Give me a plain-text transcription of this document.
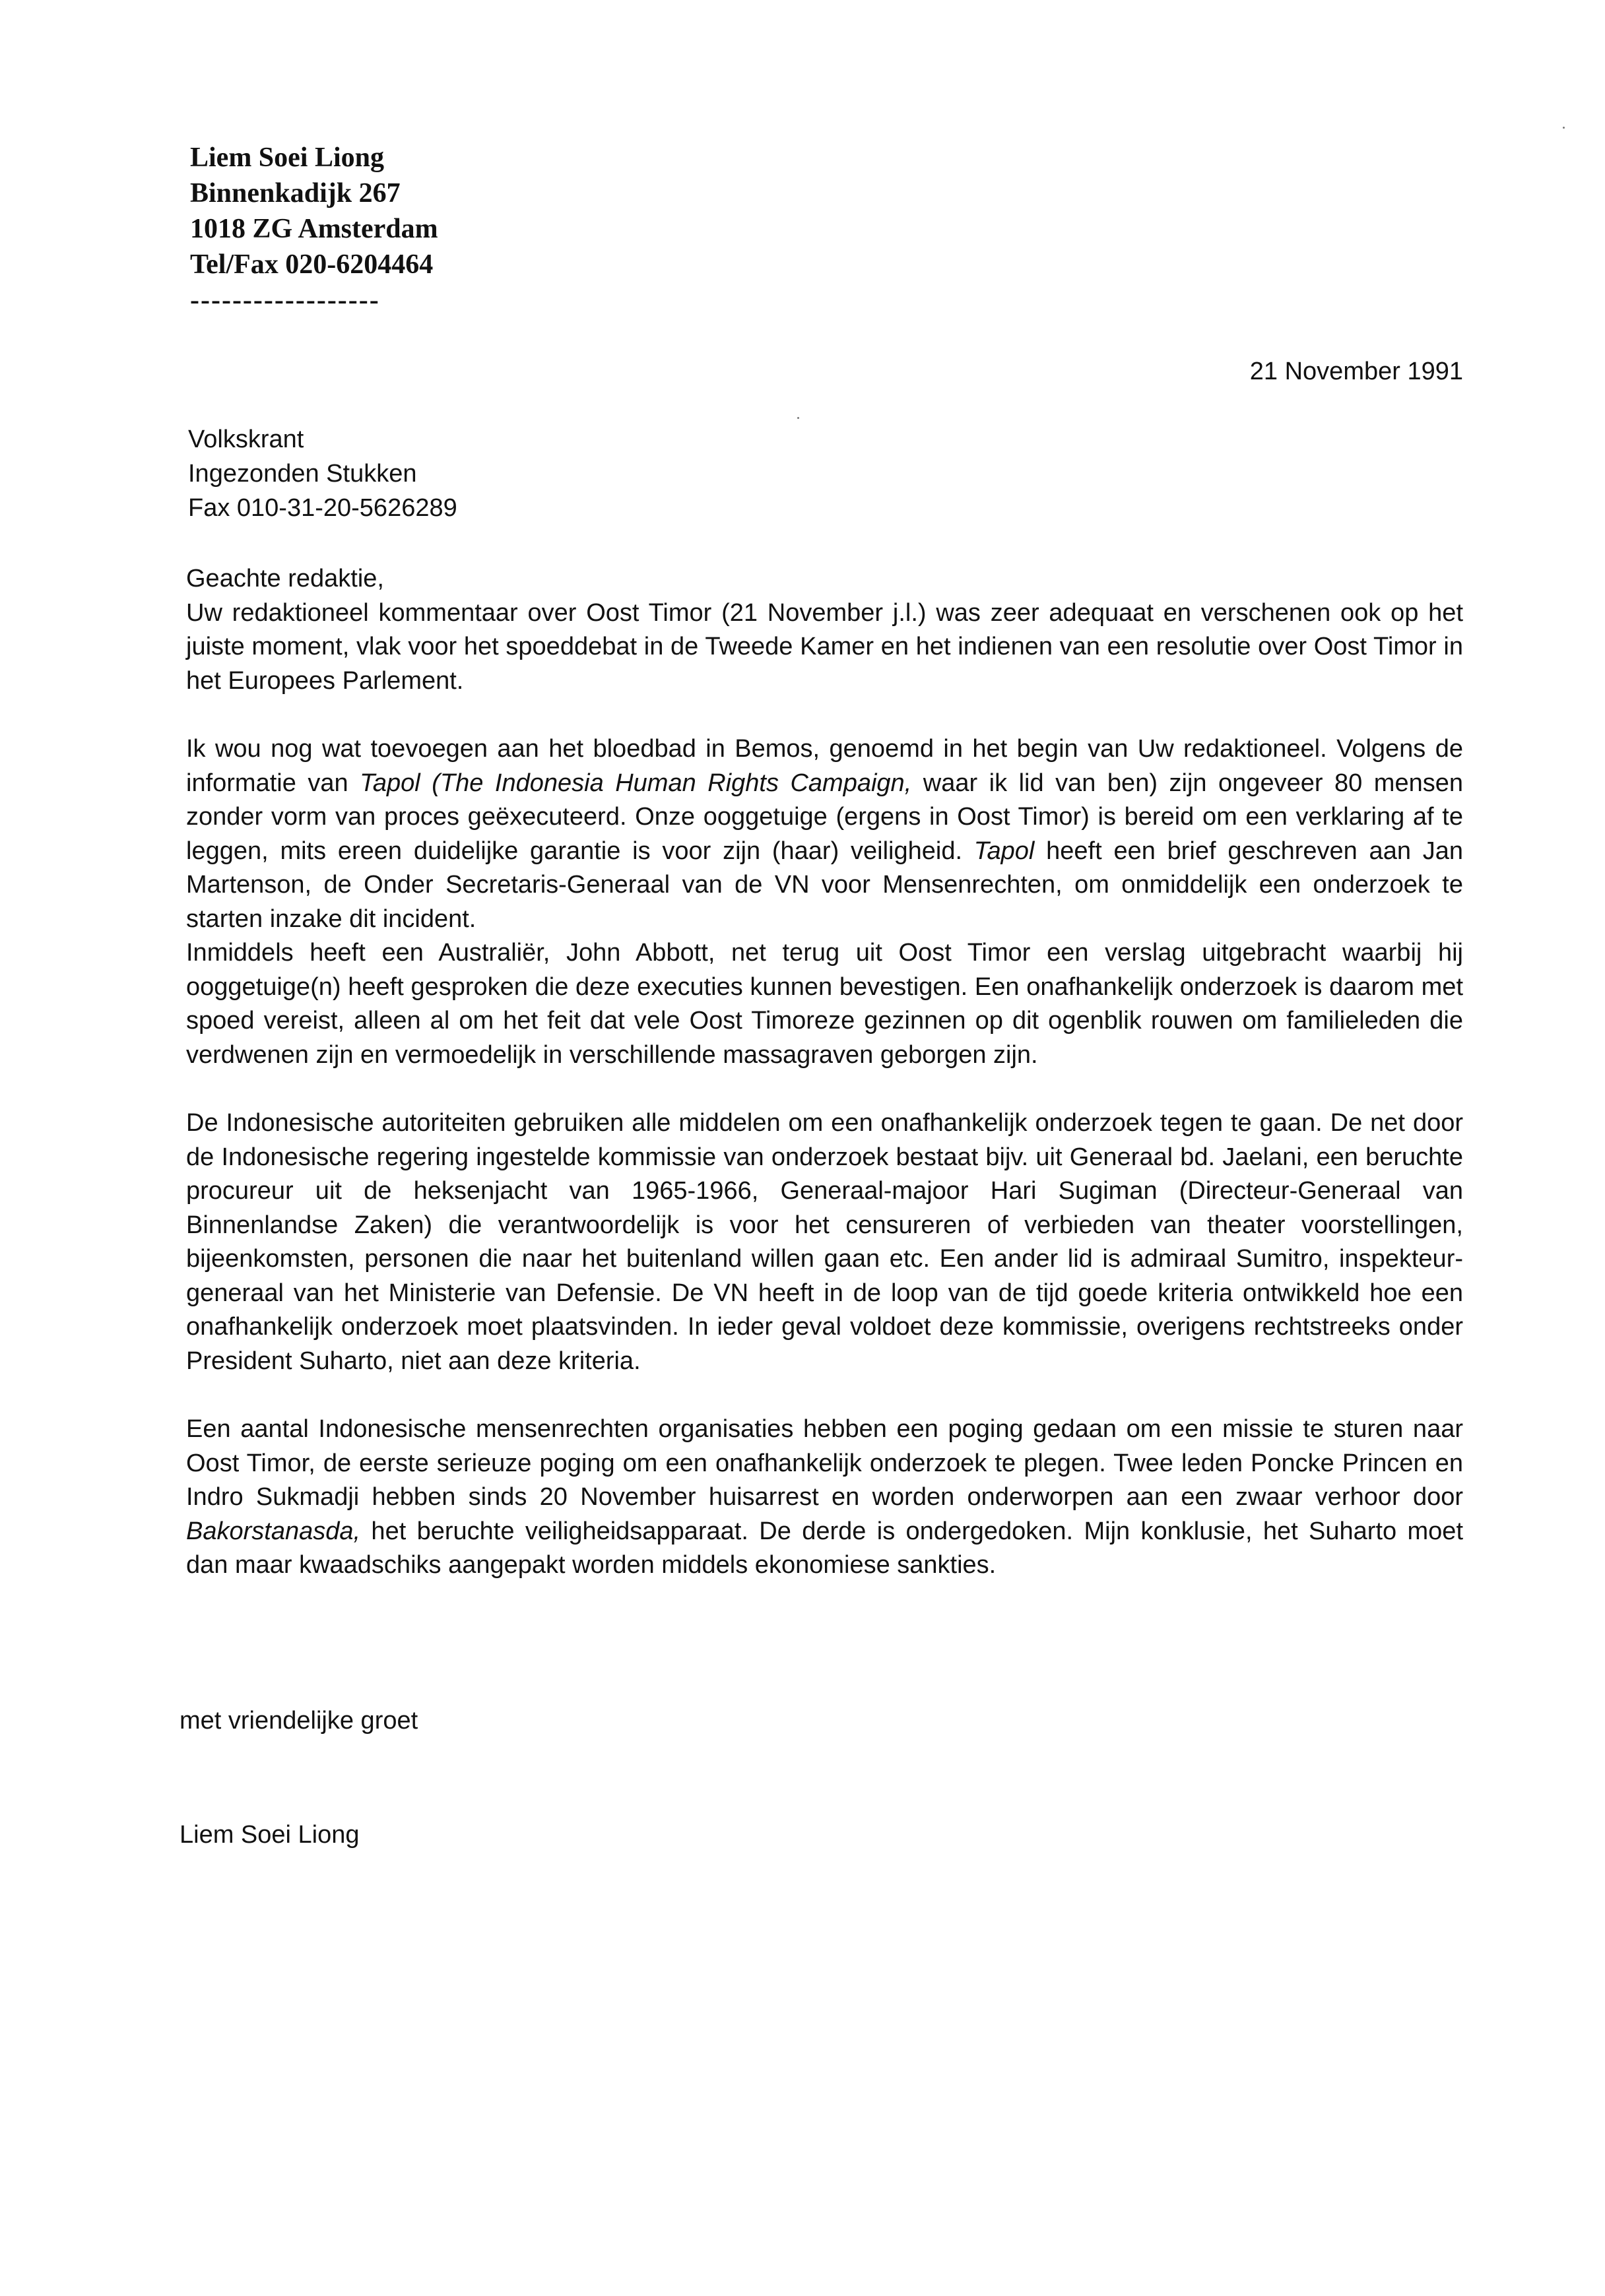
Liem Soei Liong
Binnenkadijk 267
1018 ZG Amsterdam
Tel/Fax 020-6204464
------------------
21 November 1991
Volkskrant
Ingezonden Stukken
Fax 010-31-20-5626289
Geachte redaktie,

Uw redaktioneel kommentaar over Oost Timor (21 November j.l.) was zeer adequaat en verschenen ook op het juiste moment, vlak voor het spoeddebat in de Tweede Kamer en het indienen van een resolutie over Oost Timor in het Europees Parlement.

Ik wou nog wat toevoegen aan het bloedbad in Bemos, genoemd in het begin van Uw redaktioneel. Volgens de informatie van Tapol (The Indonesia Human Rights Campaign, waar ik lid van ben) zijn ongeveer 80 mensen zonder vorm van proces geëxecuteerd. Onze ooggetuige (ergens in Oost Timor) is bereid om een verklaring af te leggen, mits ereen duidelijke garantie is voor zijn (haar) veiligheid. Tapol heeft een brief geschreven aan Jan Martenson, de Onder Secretaris-Generaal van de VN voor Mensenrechten, om onmiddelijk een onderzoek te starten inzake dit incident.

Inmiddels heeft een Australiër, John Abbott, net terug uit Oost Timor een verslag uitgebracht waarbij hij ooggetuige(n) heeft gesproken die deze executies kunnen bevestigen. Een onafhankelijk onderzoek is daarom met spoed vereist, alleen al om het feit dat vele Oost Timoreze gezinnen op dit ogenblik rouwen om familieleden die verdwenen zijn en vermoedelijk in verschillende massagraven geborgen zijn.

De Indonesische autoriteiten gebruiken alle middelen om een onafhankelijk onderzoek tegen te gaan. De net door de Indonesische regering ingestelde kommissie van onderzoek bestaat bijv. uit Generaal bd. Jaelani, een beruchte procureur uit de heksenjacht van 1965-1966, Generaal-majoor Hari Sugiman (Directeur-Generaal van Binnenlandse Zaken) die verantwoordelijk is voor het censureren of verbieden van theater voorstellingen, bijeenkomsten, personen die naar het buitenland willen gaan etc. Een ander lid is admiraal Sumitro, inspekteur-generaal van het Ministerie van Defensie. De VN heeft in de loop van de tijd goede kriteria ontwikkeld hoe een onafhankelijk onderzoek moet plaatsvinden. In ieder geval voldoet deze kommissie, overigens rechtstreeks onder President Suharto, niet aan deze kriteria.

Een aantal Indonesische mensenrechten organisaties hebben een poging gedaan om een missie te sturen naar Oost Timor, de eerste serieuze poging om een onafhankelijk onderzoek te plegen. Twee leden Poncke Princen en Indro Sukmadji hebben sinds 20 November huisarrest en worden onderworpen aan een zwaar verhoor door Bakorstanasda, het beruchte veiligheidsapparaat. De derde is ondergedoken. Mijn konklusie, het Suharto moet dan maar kwaadschiks aangepakt worden middels ekonomiese sankties.

met vriendelijke groet
Liem Soei Liong
